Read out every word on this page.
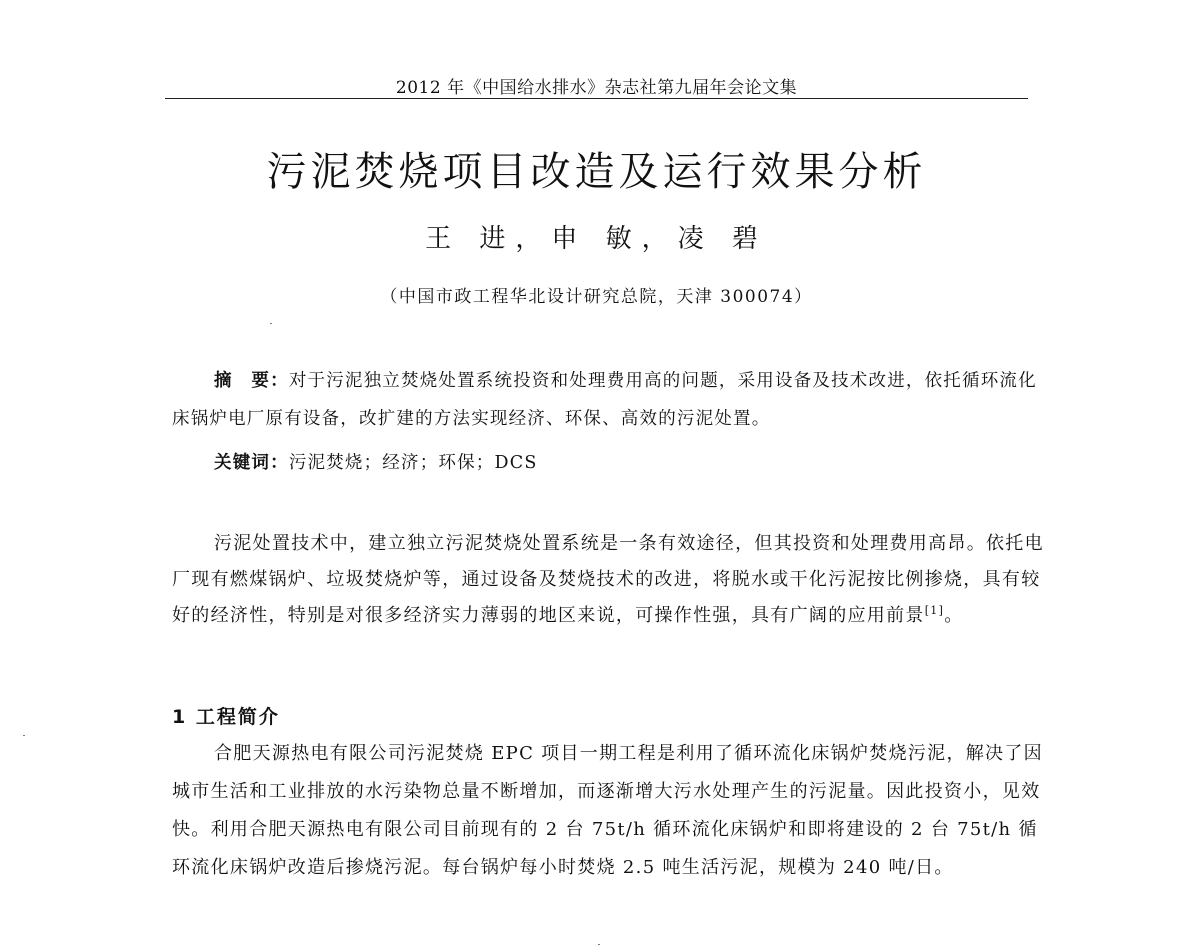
2012 年《中国给水排水》杂志社第九届年会论文集
污泥焚烧项目改造及运行效果分析
王 进，申 敏，凌 碧
（中国市政工程华北设计研究总院，天津 300074）

摘　要：对于污泥独立焚烧处置系统投资和处理费用高的问题，采用设备及技术改进，依托循环流化床锅炉电厂原有设备，改扩建的方法实现经济、环保、高效的污泥处置。

关键词：污泥焚烧；经济；环保；DCS

污泥处置技术中，建立独立污泥焚烧处置系统是一条有效途径，但其投资和处理费用高昂。依托电厂现有燃煤锅炉、垃圾焚烧炉等，通过设备及焚烧技术的改进，将脱水或干化污泥按比例掺烧，具有较好的经济性，特别是对很多经济实力薄弱的地区来说，可操作性强，具有广阔的应用前景[1]。

1 工程简介

合肥天源热电有限公司污泥焚烧 EPC 项目一期工程是利用了循环流化床锅炉焚烧污泥，解决了因城市生活和工业排放的水污染物总量不断增加，而逐渐增大污水处理产生的污泥量。因此投资小，见效快。利用合肥天源热电有限公司目前现有的 2 台 75t/h 循环流化床锅炉和即将建设的 2 台 75t/h 循环流化床锅炉改造后掺烧污泥。每台锅炉每小时焚烧 2.5 吨生活污泥，规模为 240 吨/日。
